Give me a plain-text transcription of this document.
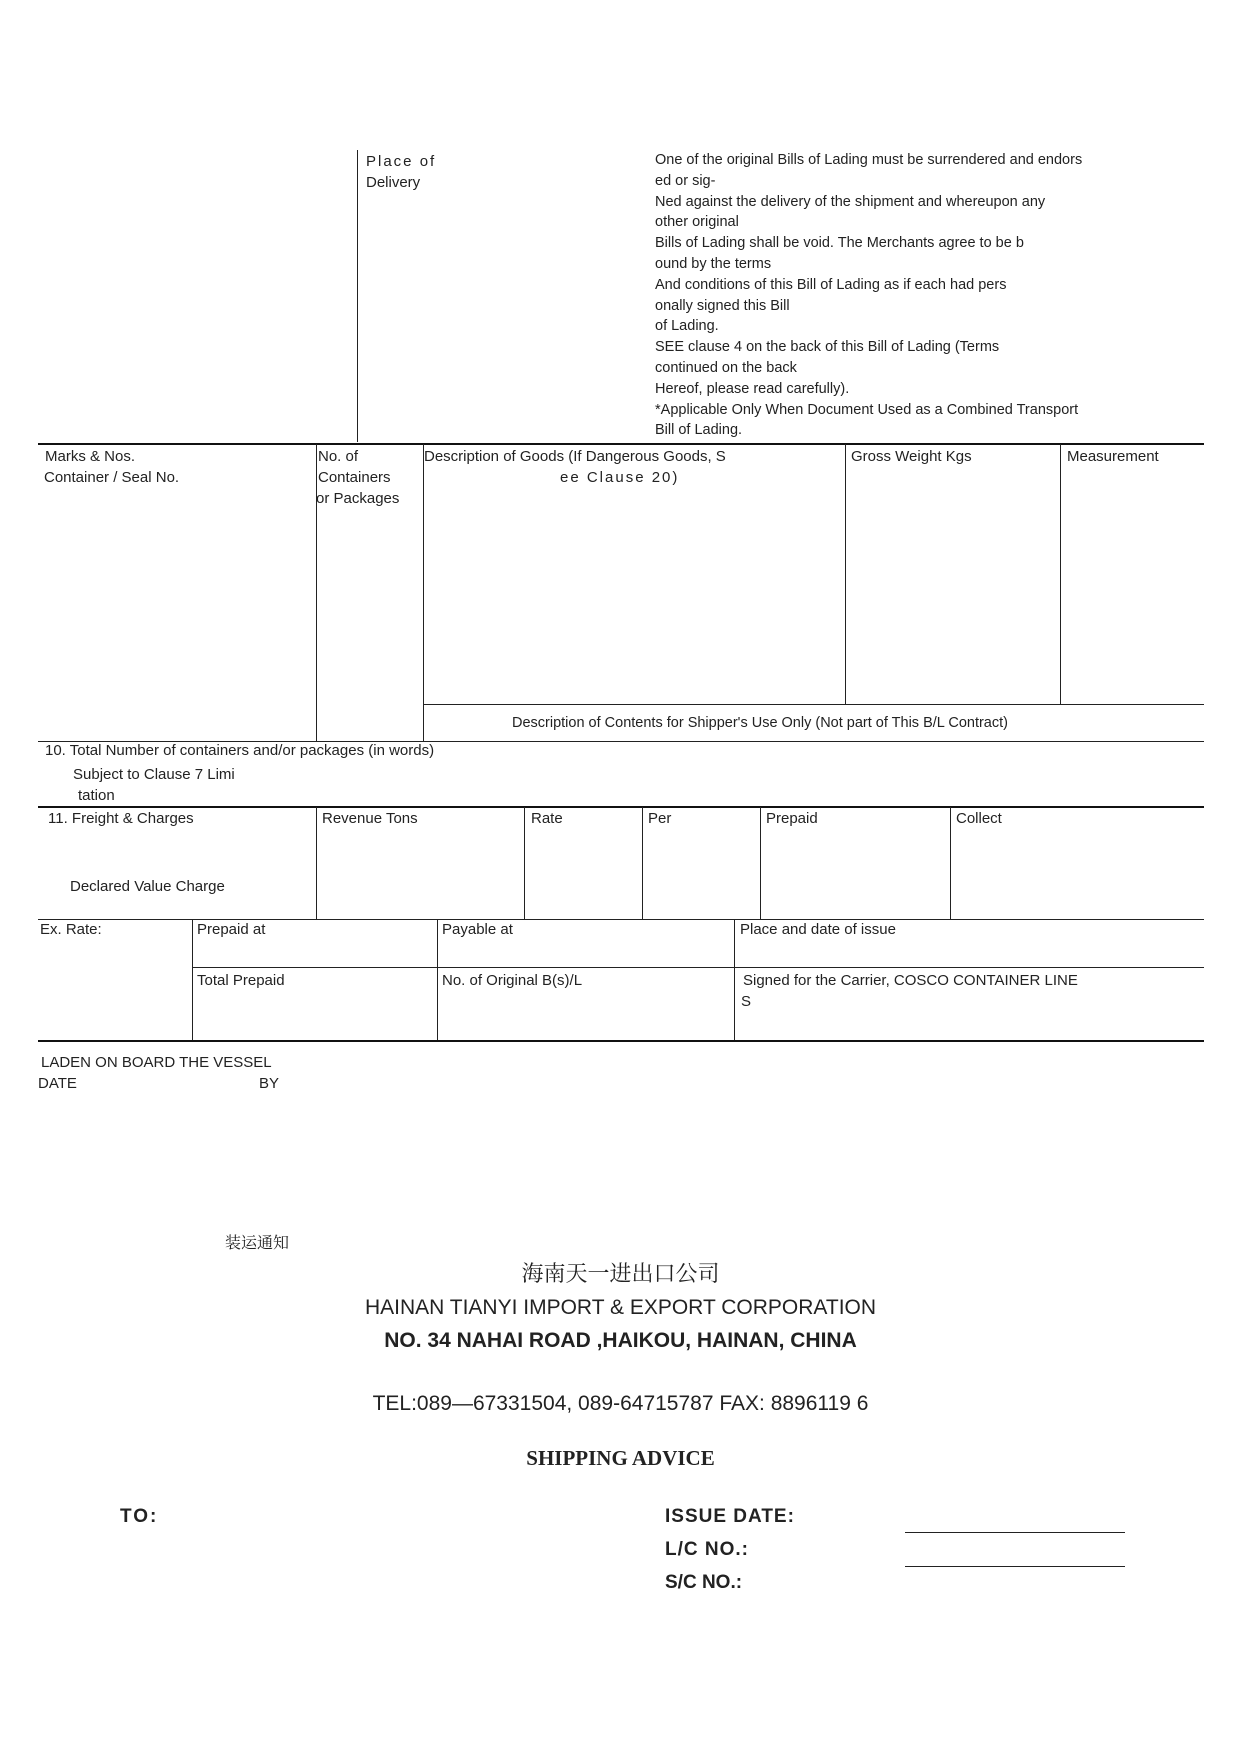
Place of
Delivery
One of the original Bills of Lading must be surrendered and endors
ed or sig-
Ned against the delivery of the shipment and whereupon any
other original
Bills of Lading shall be void. The Merchants agree to be b
ound by the terms
And conditions of this Bill of Lading as if each had pers
onally signed this Bill
of Lading.
SEE clause 4 on the back of this Bill of Lading (Terms
continued on the back
Hereof, please read carefully).
*Applicable Only When Document Used as a Combined Transport
Bill of Lading.
Marks & Nos.
Container / Seal No.
No. of
Containers
or Packages
Description of Goods (If Dangerous Goods, S
ee Clause 20)
Gross Weight Kgs	Measurement
Description of Contents for Shipper's Use Only (Not part of This B/L Contract)
10. Total Number of containers and/or packages (in words)
Subject to Clause 7 Limi
tation
11. Freight & Charges
Declared Value Charge
Revenue Tons	Rate	Per	Prepaid	Collect
Ex. Rate:	Prepaid at	Payable at	Place and date of issue
Total Prepaid	No. of Original B(s)/L	Signed for the Carrier, COSCO CONTAINER LINE
S
LADEN ON BOARD THE VESSEL
DATE	BY
装运通知
海南天一进出口公司
HAINAN TIANYI IMPORT & EXPORT CORPORATION
NO. 34 NAHAI ROAD ,HAIKOU, HAINAN, CHINA
TEL:089—67331504, 089-64715787 FAX: 8896119 6
SHIPPING ADVICE
TO:	ISSUE DATE:
L/C NO.:
S/C NO.:
